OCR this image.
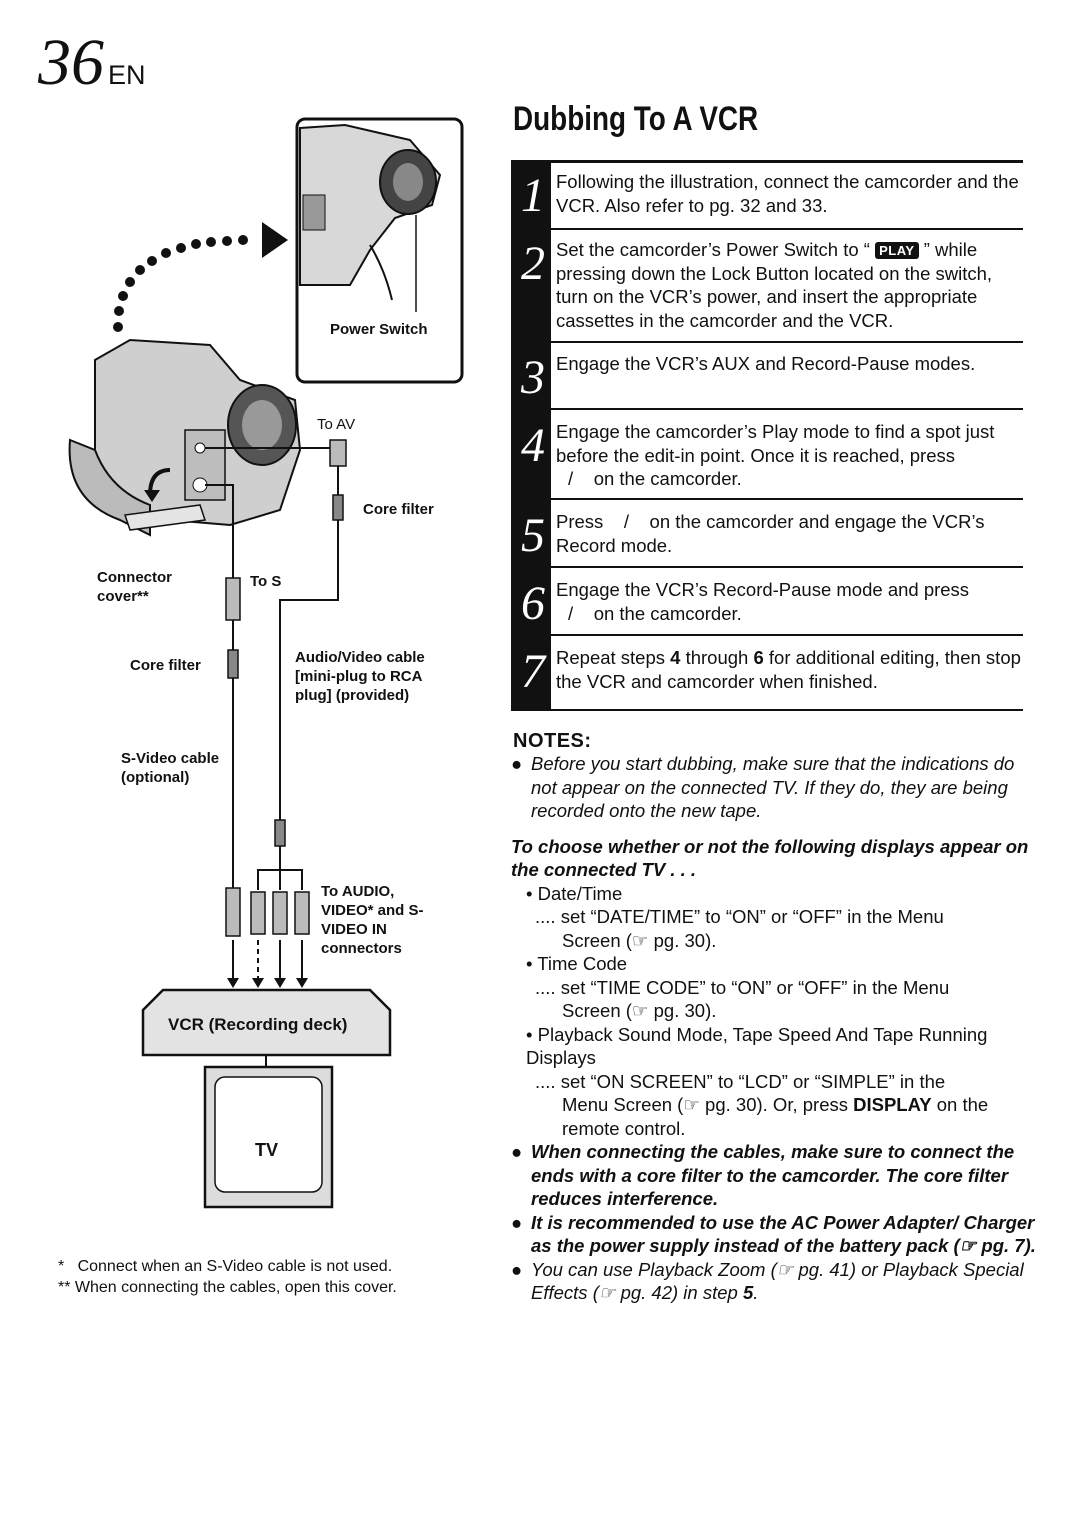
36 EN
Dubbing To A VCR
1 Following the illustration, connect the camcorder and the VCR. Also refer to pg. 32 and 33.
2 Set the camcorder’s Power Switch to “ PLAY ” while pressing down the Lock Button located on the switch, turn on the VCR’s power, and insert the appropriate cassettes in the camcorder and the VCR.
3 Engage the VCR’s AUX and Record-Pause modes.
4 Engage the camcorder’s Play mode to find a spot just before the edit-in point. Once it is reached, press
/    on the camcorder.
5 Press    /    on the camcorder and engage the VCR’s Record mode.
6 Engage the VCR’s Record-Pause mode and press
/    on the camcorder.
7 Repeat steps 4 through 6 for additional editing, then stop the VCR and camcorder when finished.
NOTES:

● Before you start dubbing, make sure that the indications do not appear on the connected TV. If they do, they are being recorded onto the new tape.

To choose whether or not the following displays appear on the connected TV . . .

• Date/Time

.... set “DATE/TIME” to “ON” or “OFF” in the Menu

Screen (☞ pg. 30).

• Time Code

.... set “TIME CODE” to “ON” or “OFF” in the Menu

Screen (☞ pg. 30).

• Playback Sound Mode, Tape Speed And Tape Running

Displays

.... set “ON SCREEN” to “LCD” or “SIMPLE” in the

Menu Screen (☞ pg. 30). Or, press DISPLAY on the

remote control.

● When connecting the cables, make sure to connect the ends with a core filter to the camcorder. The core filter reduces interference.

● It is recommended to use the AC Power Adapter/ Charger as the power supply instead of the battery pack (☞ pg. 7).

● You can use Playback Zoom (☞ pg. 41) or Playback Special Effects (☞ pg. 42) in step 5.

Power Switch
To AV
Core filter
Connector cover**
To S
Core filter	Audio/Video cable [mini-plug to RCA plug] (provided)
S-Video cable (optional)
To AUDIO, VIDEO* and S-VIDEO IN connectors
VCR (Recording deck)
TV
*   Connect when an S-Video cable is not used.
** When connecting the cables, open this cover.
